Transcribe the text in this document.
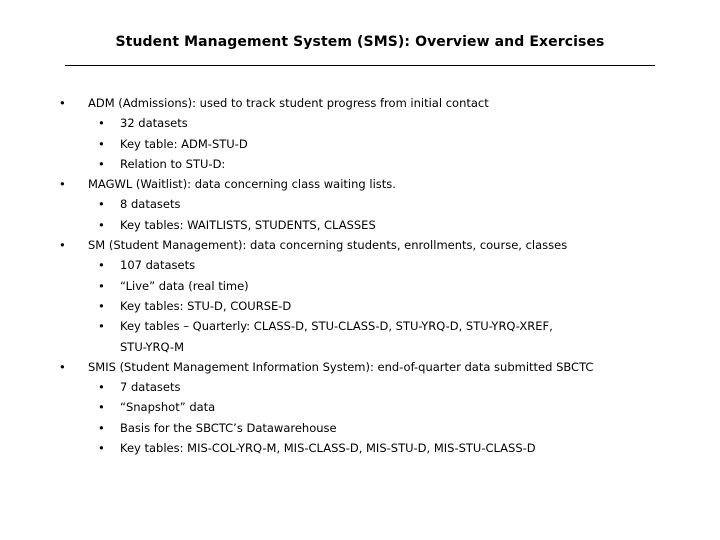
Student Management System (SMS): Overview and Exercises
• ADM (Admissions): used to track student progress from initial contact
• 32 datasets
• Key table: ADM-STU-D
• Relation to STU-D:
• MAGWL (Waitlist): data concerning class waiting lists.
• 8 datasets
• Key tables: WAITLISTS, STUDENTS, CLASSES
• SM (Student Management): data concerning students, enrollments, course, classes
• 107 datasets
• “Live” data (real time)
• Key tables: STU-D, COURSE-D
• Key tables – Quarterly: CLASS-D, STU-CLASS-D, STU-YRQ-D, STU-YRQ-XREF,
STU-YRQ-M
• SMIS (Student Management Information System): end-of-quarter data submitted SBCTC
• 7 datasets
• “Snapshot” data
• Basis for the SBCTC’s Datawarehouse
• Key tables: MIS-COL-YRQ-M, MIS-CLASS-D, MIS-STU-D, MIS-STU-CLASS-D
